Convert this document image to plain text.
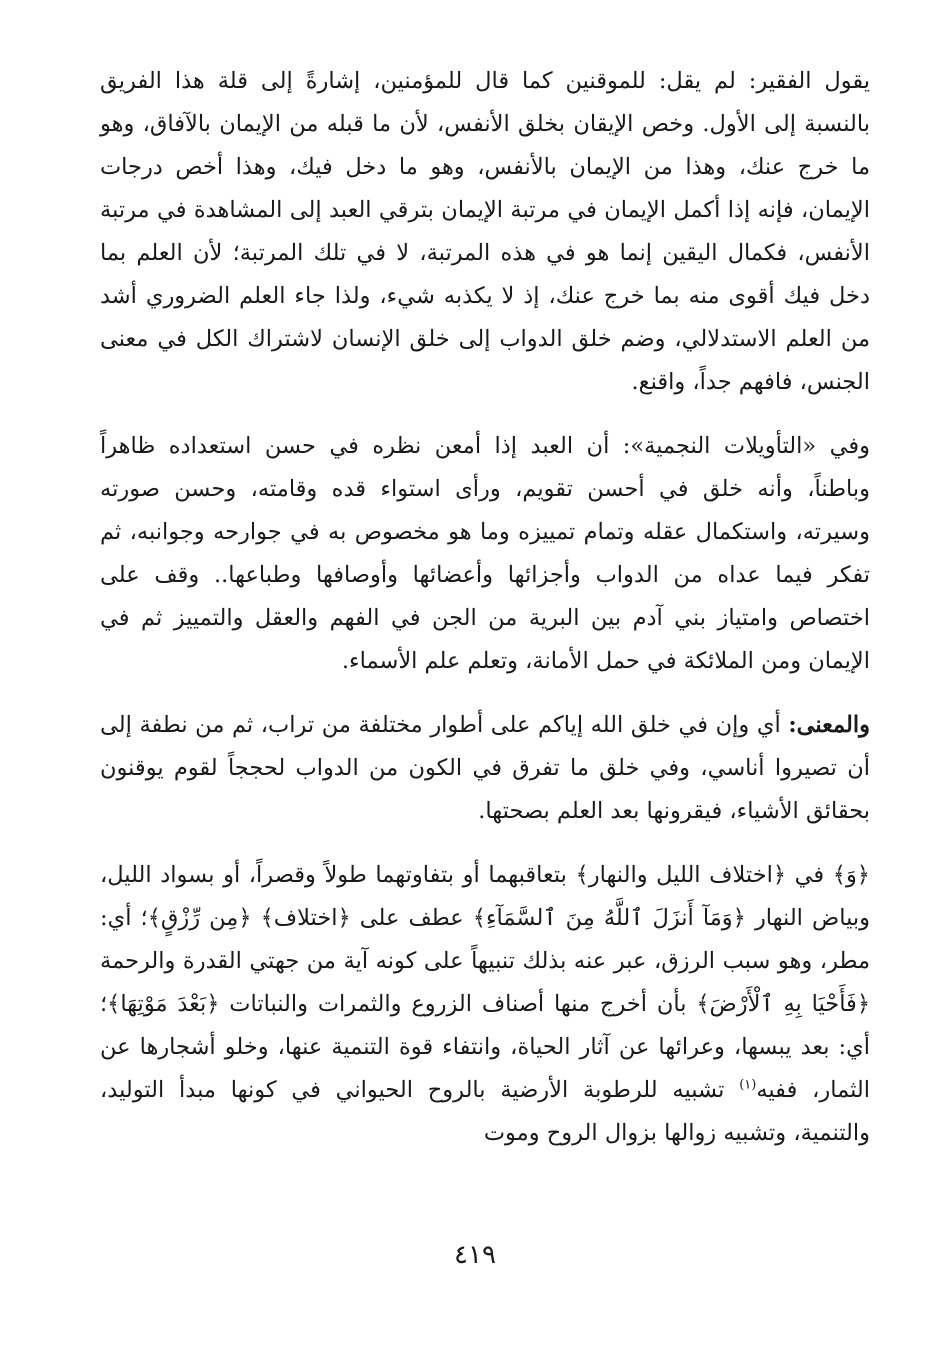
يقول الفقير: لم يقل: للموقنين كما قال للمؤمنين، إشارةً إلى قلة هذا الفريق بالنسبة إلى الأول. وخص الإيقان بخلق الأنفس، لأن ما قبله من الإيمان بالآفاق، وهو ما خرج عنك، وهذا من الإيمان بالأنفس، وهو ما دخل فيك، وهذا أخص درجات الإيمان، فإنه إذا أكمل الإيمان في مرتبة الإيمان بترقي العبد إلى المشاهدة في مرتبة الأنفس، فكمال اليقين إنما هو في هذه المرتبة، لا في تلك المرتبة؛ لأن العلم بما دخل فيك أقوى منه بما خرج عنك، إذ لا يكذبه شيء، ولذا جاء العلم الضروري أشد من العلم الاستدلالي، وضم خلق الدواب إلى خلق الإنسان لاشتراك الكل في معنى الجنس، فافهم جداً، واقنع.

وفي «التأويلات النجمية»: أن العبد إذا أمعن نظره في حسن استعداده ظاهراً وباطناً، وأنه خلق في أحسن تقويم، ورأى استواء قده وقامته، وحسن صورته وسيرته، واستكمال عقله وتمام تمييزه وما هو مخصوص به في جوارحه وجوانبه، ثم تفكر فيما عداه من الدواب وأجزائها وأعضائها وأوصافها وطباعها.. وقف على اختصاص وامتياز بني آدم بين البرية من الجن في الفهم والعقل والتمييز ثم في الإيمان ومن الملائكة في حمل الأمانة، وتعلم علم الأسماء.

والمعنى: أي وإن في خلق الله إياكم على أطوار مختلفة من تراب، ثم من نطفة إلى أن تصيروا أناسي، وفي خلق ما تفرق في الكون من الدواب لحججاً لقوم يوقنون بحقائق الأشياء، فيقرونها بعد العلم بصحتها.

﴿وَ﴾ في ﴿اختلاف الليل والنهار﴾ بتعاقبهما أو بتفاوتهما طولاً وقصراً، أو بسواد الليل، وبياض النهار ﴿وَمَآ أَنزَلَ ٱللَّهُ مِنَ ٱلسَّمَآءِ﴾ عطف على ﴿اختلاف﴾ ﴿مِن رِّزْقٍ﴾؛ أي: مطر، وهو سبب الرزق، عبر عنه بذلك تنبيهاً على كونه آية من جهتي القدرة والرحمة ﴿فَأَحْيَا بِهِ ٱلْأَرْضَ﴾ بأن أخرج منها أصناف الزروع والثمرات والنباتات ﴿بَعْدَ مَوْتِهَا﴾؛ أي: بعد يبسها، وعرائها عن آثار الحياة، وانتفاء قوة التنمية عنها، وخلو أشجارها عن الثمار، ففيه$^{(١)}$ تشبيه للرطوبة الأرضية بالروح الحيواني في كونها مبدأ التوليد، والتنمية، وتشبيه زوالها بزوال الروح وموت

٤١٩
